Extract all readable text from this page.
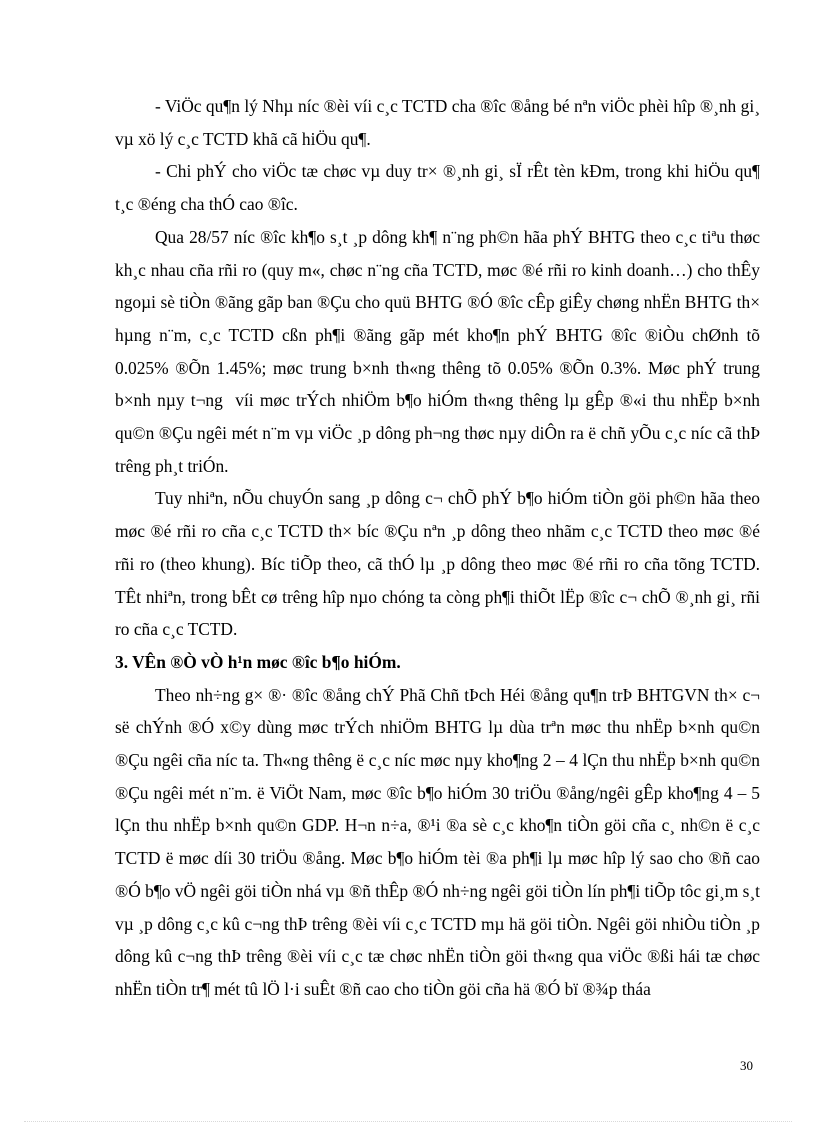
- ViÖc qu¶n lý Nhµ níc ®èi víi c¸c TCTD cha ®îc ®ång bé nªn viÖc phèi hîp ®¸nh gi¸ vµ xö lý c¸c TCTD khã cã hiÖu qu¶.

- Chi phÝ cho viÖc tæ chøc vµ duy tr× ®¸nh gi¸ sÏ rÊt tèn kÐm, trong khi hiÖu qu¶ t¸c ®éng cha thÓ cao ®îc.

Qua 28/57 níc ®îc kh¶o s¸t ¸p dông kh¶ n¨ng ph©n hãa phÝ BHTG theo c¸c tiªu thøc kh¸c nhau cña rñi ro (quy m«, chøc n¨ng cña TCTD, møc ®é rñi ro kinh doanh…) cho thÊy ngoµi sè tiÒn ®ãng gãp ban ®Çu cho quü BHTG ®Ó ®îc cÊp giÊy chøng nhËn BHTG th× hµng n¨m, c¸c TCTD cßn ph¶i ®ãng gãp mét kho¶n phÝ BHTG ®îc ®iÒu chØnh tõ 0.025% ®Õn 1.45%; møc trung b×nh th«ng thêng tõ 0.05% ®Õn 0.3%. Møc phÝ trung b×nh nµy t¬ng víi møc trÝch nhiÖm b¶o hiÓm th«ng thêng lµ gÊp ®«i thu nhËp b×nh qu©n ®Çu ngêi mét n¨m vµ viÖc ¸p dông ph¬ng thøc nµy diÔn ra ë chñ yÕu c¸c níc cã thÞ trêng ph¸t triÓn.

Tuy nhiªn, nÕu chuyÓn sang ¸p dông c¬ chÕ phÝ b¶o hiÓm tiÒn göi ph©n hãa theo møc ®é rñi ro cña c¸c TCTD th× bíc ®Çu nªn ¸p dông theo nhãm c¸c TCTD theo møc ®é rñi ro (theo khung). Bíc tiÕp theo, cã thÓ lµ ¸p dông theo møc ®é rñi ro cña tõng TCTD. TÊt nhiªn, trong bÊt cø trêng hîp nµo chóng ta còng ph¶i thiÕt lËp ®îc c¬ chÕ ®¸nh gi¸ rñi ro cña c¸c TCTD.

3. VÊn ®Ò vÒ h¹n møc ®îc b¶o hiÓm.

Theo nh÷ng g× ®· ®îc ®ång chÝ Phã Chñ tÞch Héi ®ång qu¶n trÞ BHTGVN th× c¬ së chÝnh ®Ó x©y dùng møc trÝch nhiÖm BHTG lµ dùa trªn møc thu nhËp b×nh qu©n ®Çu ngêi cña níc ta. Th«ng thêng ë c¸c níc møc nµy kho¶ng 2 – 4 lÇn thu nhËp b×nh qu©n ®Çu ngêi mét n¨m. ë ViÖt Nam, møc ®îc b¶o hiÓm 30 triÖu ®ång/ngêi gÊp kho¶ng 4 – 5 lÇn thu nhËp b×nh qu©n GDP. H¬n n÷a, ®¹i ®a sè c¸c kho¶n tiÒn göi cña c¸ nh©n ë c¸c TCTD ë møc díi 30 triÖu ®ång. Møc b¶o hiÓm tèi ®a ph¶i lµ møc hîp lý sao cho ®ñ cao ®Ó b¶o vÖ ngêi göi tiÒn nhá vµ ®ñ thÊp ®Ó nh÷ng ngêi göi tiÒn lín ph¶i tiÕp tôc gi¸m s¸t vµ ¸p dông c¸c kû c¬ng thÞ trêng ®èi víi c¸c TCTD mµ hä göi tiÒn. Ngêi göi nhiÒu tiÒn ¸p dông kû c¬ng thÞ trêng ®èi víi c¸c tæ chøc nhËn tiÒn göi th«ng qua viÖc ®ßi hái tæ chøc nhËn tiÒn tr¶ mét tû lÖ l·i suÊt ®ñ cao cho tiÒn göi cña hä ®Ó bï ®¾p tháa

30
